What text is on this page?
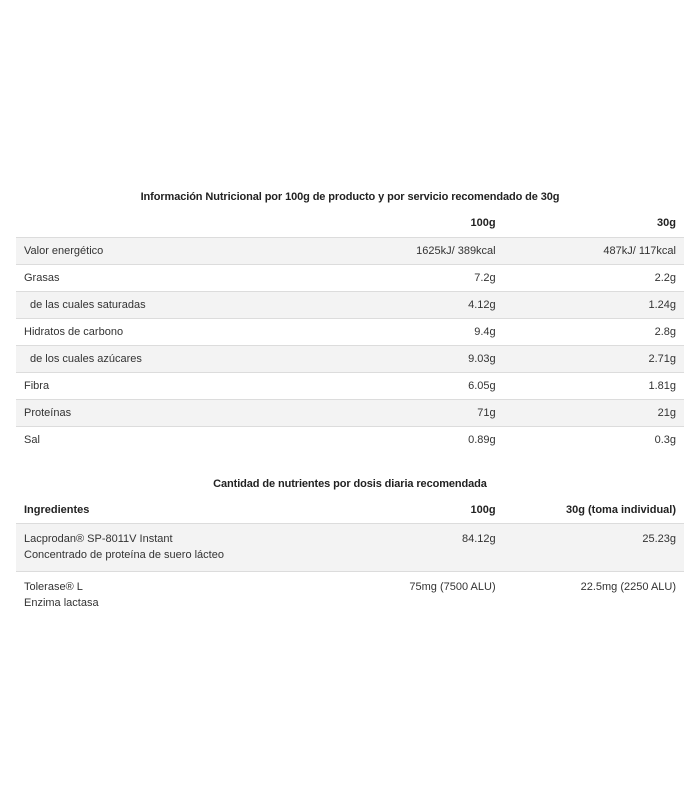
Información Nutricional por 100g de producto y por servicio recomendado de 30g
	100g	30g
Valor energético	1625kJ/ 389kcal	487kJ/ 117kcal
Grasas	7.2g	2.2g
de las cuales saturadas	4.12g	1.24g
Hidratos de carbono	9.4g	2.8g
de los cuales azúcares	9.03g	2.71g
Fibra	6.05g	1.81g
Proteínas	71g	21g
Sal	0.89g	0.3g
Cantidad de nutrientes por dosis diaria recomendada
Ingredientes	100g	30g (toma individual)

Lacprodan® SP-8011V Instant
Concentrado de proteína de suero lácteo	84.12g	25.23g

Tolerase® L
Enzima lactasa	75mg (7500 ALU)	22.5mg (2250 ALU)
